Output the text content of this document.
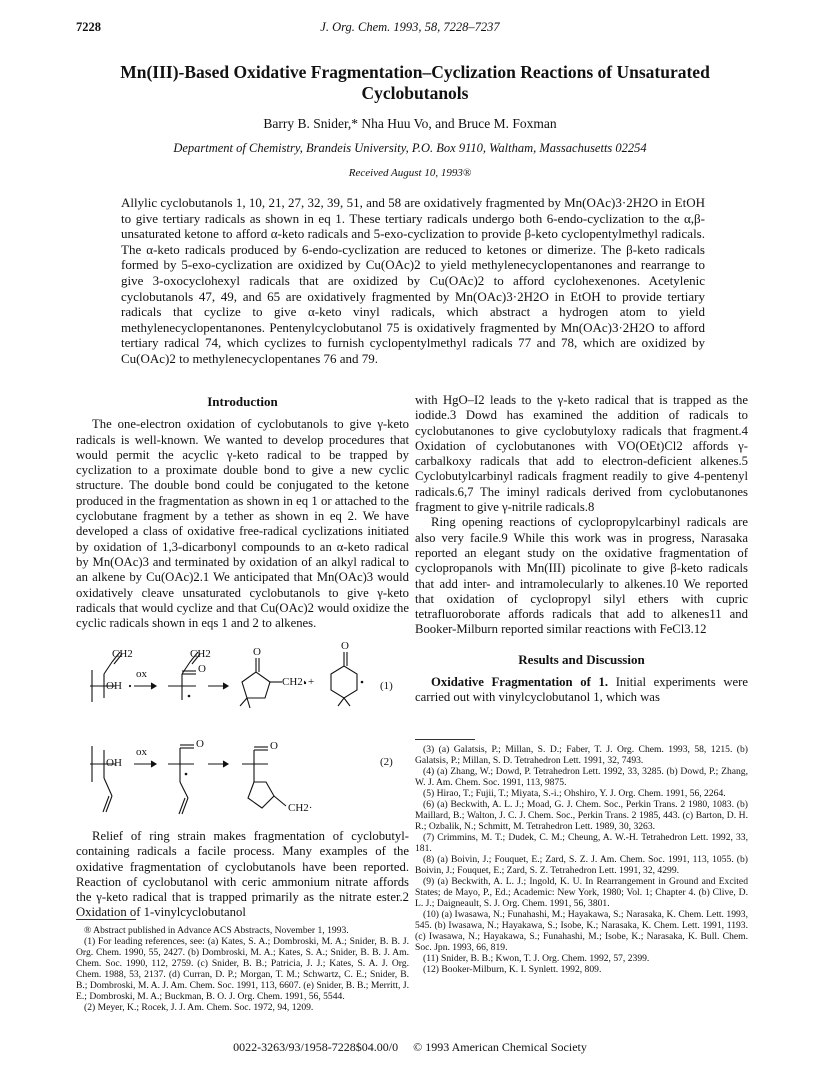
7228	J. Org. Chem. 1993, 58, 7228–7237
Mn(III)-Based Oxidative Fragmentation–Cyclization Reactions of Unsaturated Cyclobutanols
Barry B. Snider,* Nha Huu Vo, and Bruce M. Foxman
Department of Chemistry, Brandeis University, P.O. Box 9110, Waltham, Massachusetts 02254
Received August 10, 1993®
Allylic cyclobutanols 1, 10, 21, 27, 32, 39, 51, and 58 are oxidatively fragmented by Mn(OAc)3·2H2O in EtOH to give tertiary radicals as shown in eq 1. These tertiary radicals undergo both 6-endo-cyclization to the α,β-unsaturated ketone to afford α-keto radicals and 5-exo-cyclization to provide β-keto cyclopentylmethyl radicals. The α-keto radicals produced by 6-endo-cyclization are reduced to ketones or dimerize. The β-keto radicals formed by 5-exo-cyclization are oxidized by Cu(OAc)2 to yield methylenecyclopentanones and rearrange to give 3-oxocyclohexyl radicals that are oxidized by Cu(OAc)2 to afford cyclohexenones. Acetylenic cyclobutanols 47, 49, and 65 are oxidatively fragmented by Mn(OAc)3·2H2O in EtOH to provide tertiary radicals that cyclize to give α-keto vinyl radicals, which abstract a hydrogen atom to yield methylenecyclopentanones. Pentenylcyclobutanol 75 is oxidatively fragmented by Mn(OAc)3·2H2O to afford tertiary radical 74, which cyclizes to furnish cyclopentylmethyl radicals 77 and 78, which are oxidized by Cu(OAc)2 to methylenecyclopentanes 76 and 79.
Introduction

The one-electron oxidation of cyclobutanols to give γ-keto radicals is well-known. We wanted to develop procedures that would permit the acyclic γ-keto radical to be trapped by cyclization to a proximate double bond to give a new cyclic structure. The double bond could be conjugated to the ketone produced in the fragmentation as shown in eq 1 or attached to the cyclobutane fragment by a tether as shown in eq 2. We have developed a class of oxidative free-radical cyclizations initiated by oxidation of 1,3-dicarbonyl compounds to an α-keto radical by Mn(OAc)3 and terminated by oxidation of an alkyl radical to an alkene by Cu(OAc)2.1 We anticipated that Mn(OAc)3 would oxidatively cleave unsaturated cyclobutanols to give γ-keto radicals that would cyclize and that Cu(OAc)2 would oxidize the cyclic radicals shown in eqs 1 and 2 to alkenes.

CH2	CH2
OH
ox	O
O
CH2· +
O
(1)
OH
ox
O	O
CH2·
(2)

Relief of ring strain makes fragmentation of cyclobutyl-containing radicals a facile process. Many examples of the oxidative fragmentation of cyclobutanols have been reported. Reaction of cyclobutanol with ceric ammonium nitrate affords the γ-keto radical that is trapped primarily as the nitrate ester.2 Oxidation of 1-vinylcyclobutanol

® Abstract published in Advance ACS Abstracts, November 1, 1993.

(1) For leading references, see: (a) Kates, S. A.; Dombroski, M. A.; Snider, B. B. J. Org. Chem. 1990, 55, 2427. (b) Dombroski, M. A.; Kates, S. A.; Snider, B. B. J. Am. Chem. Soc. 1990, 112, 2759. (c) Snider, B. B.; Patricia, J. J.; Kates, S. A. J. Org. Chem. 1988, 53, 2137. (d) Curran, D. P.; Morgan, T. M.; Schwartz, C. E.; Snider, B. B.; Dombroski, M. A. J. Am. Chem. Soc. 1991, 113, 6607. (e) Snider, B. B.; Merritt, J. E.; Dombroski, M. A.; Buckman, B. O. J. Org. Chem. 1991, 56, 5544.

(2) Meyer, K.; Rocek, J. J. Am. Chem. Soc. 1972, 94, 1209.

with HgO–I2 leads to the γ-keto radical that is trapped as the iodide.3 Dowd has examined the addition of radicals to cyclobutanones to give cyclobutyloxy radicals that fragment.4 Oxidation of cyclobutanones with VO(OEt)Cl2 affords γ-carbalkoxy radicals that add to electron-deficient alkenes.5 Cyclobutylcarbinyl radicals fragment readily to give 4-pentenyl radicals.6,7 The iminyl radicals derived from cyclobutanones fragment to give γ-nitrile radicals.8

Ring opening reactions of cyclopropylcarbinyl radicals are also very facile.9 While this work was in progress, Narasaka reported an elegant study on the oxidative fragmentation of cyclopropanols with Mn(III) picolinate to give β-keto radicals that add inter- and intramolecularly to alkenes.10 We reported that oxidation of cyclopropyl silyl ethers with cupric tetrafluoroborate affords radicals that add to alkenes11 and Booker-Milburn reported similar reactions with FeCl3.12

Results and Discussion

Oxidative Fragmentation of 1. Initial experiments were carried out with vinylcyclobutanol 1, which was

(3) (a) Galatsis, P.; Millan, S. D.; Faber, T. J. Org. Chem. 1993, 58, 1215. (b) Galatsis, P.; Millan, S. D. Tetrahedron Lett. 1991, 32, 7493.

(4) (a) Zhang, W.; Dowd, P. Tetrahedron Lett. 1992, 33, 3285. (b) Dowd, P.; Zhang, W. J. Am. Chem. Soc. 1991, 113, 9875.

(5) Hirao, T.; Fujii, T.; Miyata, S.-i.; Ohshiro, Y. J. Org. Chem. 1991, 56, 2264.

(6) (a) Beckwith, A. L. J.; Moad, G. J. Chem. Soc., Perkin Trans. 2 1980, 1083. (b) Maillard, B.; Walton, J. C. J. Chem. Soc., Perkin Trans. 2 1985, 443. (c) Barton, D. H. R.; Ozbalik, N.; Schmitt, M. Tetrahedron Lett. 1989, 30, 3263.

(7) Crimmins, M. T.; Dudek, C. M.; Cheung, A. W.-H. Tetrahedron Lett. 1992, 33, 181.

(8) (a) Boivin, J.; Fouquet, E.; Zard, S. Z. J. Am. Chem. Soc. 1991, 113, 1055. (b) Boivin, J.; Fouquet, E.; Zard, S. Z. Tetrahedron Lett. 1991, 32, 4299.

(9) (a) Beckwith, A. L. J.; Ingold, K. U. In Rearrangement in Ground and Excited States; de Mayo, P., Ed.; Academic: New York, 1980; Vol. 1; Chapter 4. (b) Clive, D. L. J.; Daigneault, S. J. Org. Chem. 1991, 56, 3801.

(10) (a) Iwasawa, N.; Funahashi, M.; Hayakawa, S.; Narasaka, K. Chem. Lett. 1993, 545. (b) Iwasawa, N.; Hayakawa, S.; Isobe, K.; Narasaka, K. Chem. Lett. 1991, 1193. (c) Iwasawa, N.; Hayakawa, S.; Funahashi, M.; Isobe, K.; Narasaka, K. Bull. Chem. Soc. Jpn. 1993, 66, 819.

(11) Snider, B. B.; Kwon, T. J. Org. Chem. 1992, 57, 2399.

(12) Booker-Milburn, K. I. Synlett. 1992, 809.

0022-3263/93/1958-7228$04.00/0 © 1993 American Chemical Society
